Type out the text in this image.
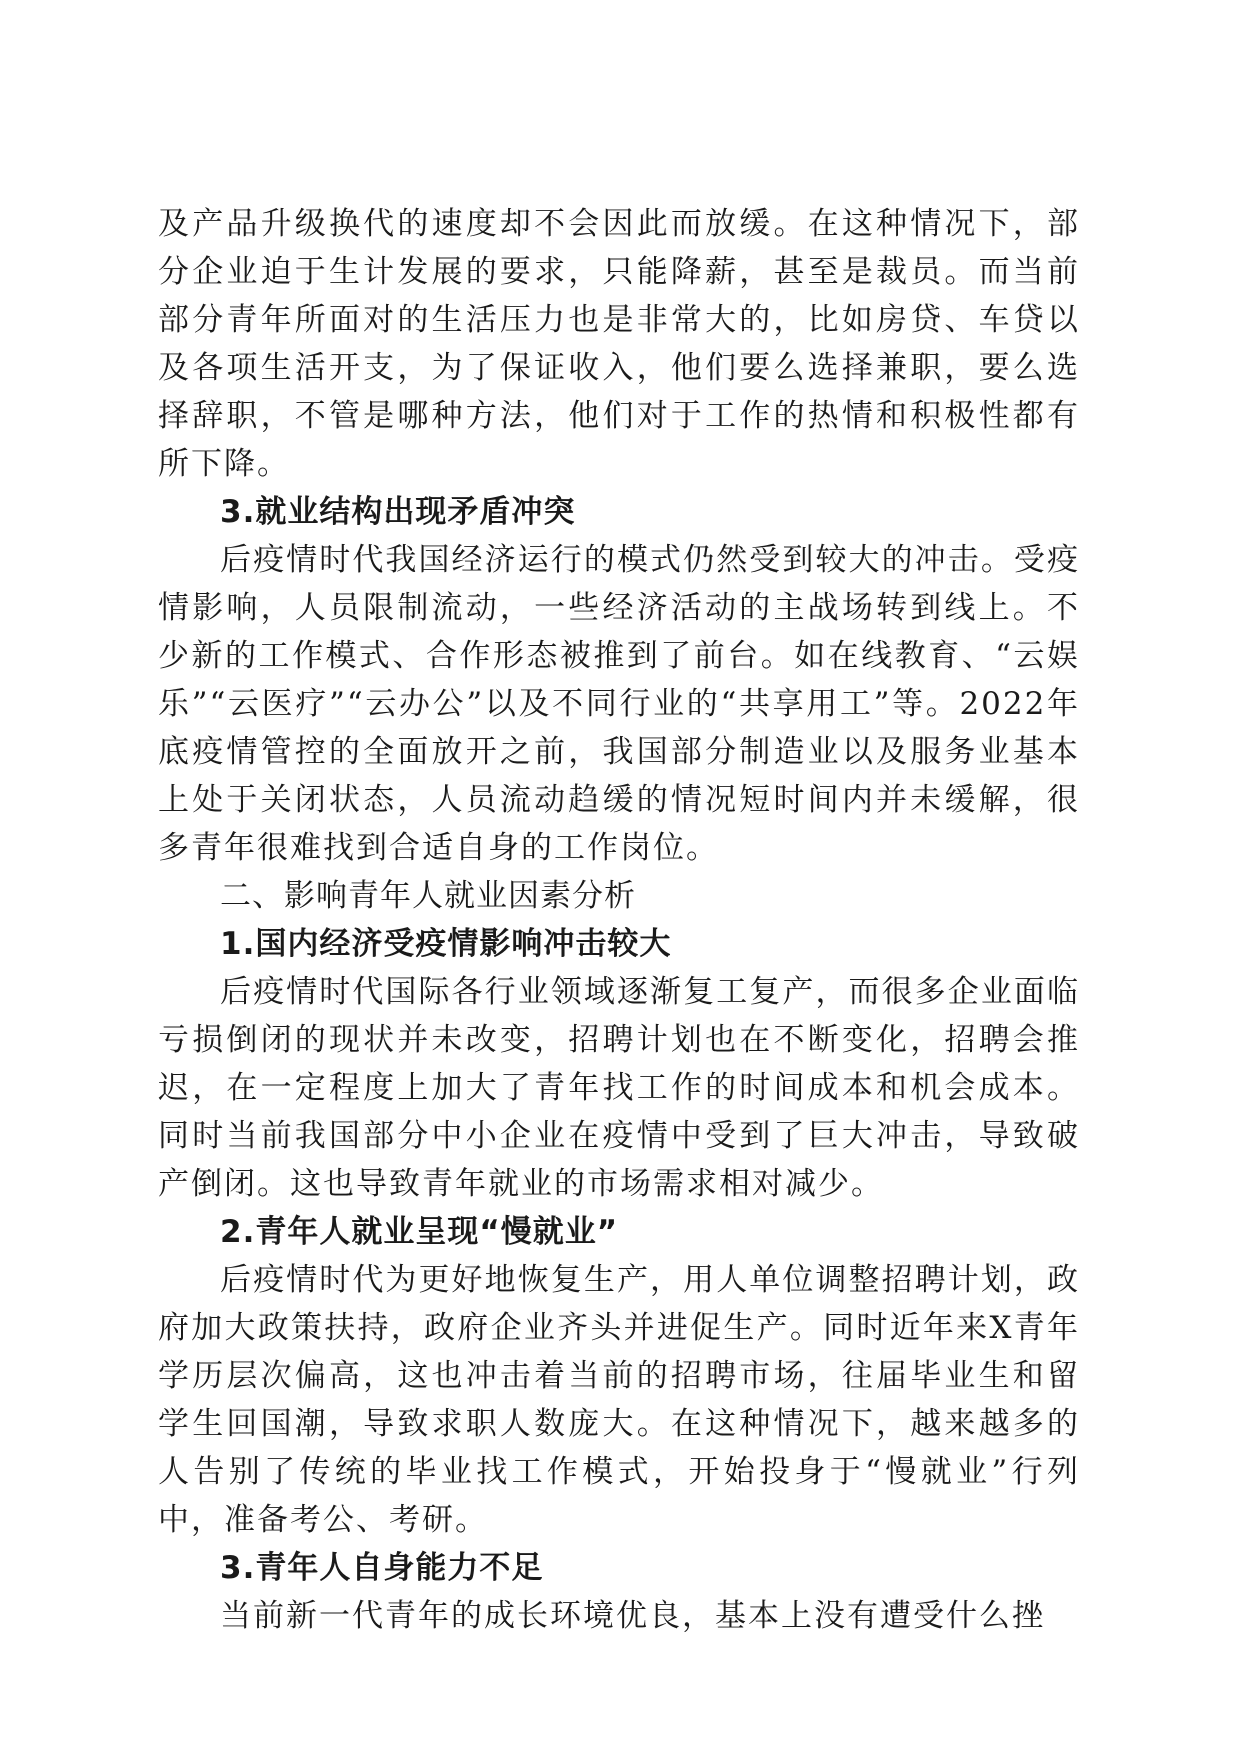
及产品升级换代的速度却不会因此而放缓。在这种情况下，部分企业迫于生计发展的要求，只能降薪，甚至是裁员。而当前部分青年所面对的生活压力也是非常大的，比如房贷、车贷以及各项生活开支，为了保证收入，他们要么选择兼职，要么选择辞职，不管是哪种方法，他们对于工作的热情和积极性都有所下降。

3.就业结构出现矛盾冲突

后疫情时代我国经济运行的模式仍然受到较大的冲击。受疫情影响，人员限制流动，一些经济活动的主战场转到线上。不少新的工作模式、合作形态被推到了前台。如在线教育、“云娱乐”“云医疗”“云办公”以及不同行业的“共享用工”等。2022年底疫情管控的全面放开之前，我国部分制造业以及服务业基本上处于关闭状态，人员流动趋缓的情况短时间内并未缓解，很多青年很难找到合适自身的工作岗位。

二、影响青年人就业因素分析

1.国内经济受疫情影响冲击较大

后疫情时代国际各行业领域逐渐复工复产，而很多企业面临亏损倒闭的现状并未改变，招聘计划也在不断变化，招聘会推迟，在一定程度上加大了青年找工作的时间成本和机会成本。同时当前我国部分中小企业在疫情中受到了巨大冲击，导致破产倒闭。这也导致青年就业的市场需求相对减少。

2.青年人就业呈现“慢就业”

后疫情时代为更好地恢复生产，用人单位调整招聘计划，政府加大政策扶持，政府企业齐头并进促生产。同时近年来X青年学历层次偏高，这也冲击着当前的招聘市场，往届毕业生和留学生回国潮，导致求职人数庞大。在这种情况下，越来越多的人告别了传统的毕业找工作模式，开始投身于“慢就业”行列中，准备考公、考研。

3.青年人自身能力不足

当前新一代青年的成长环境优良，基本上没有遭受什么挫
